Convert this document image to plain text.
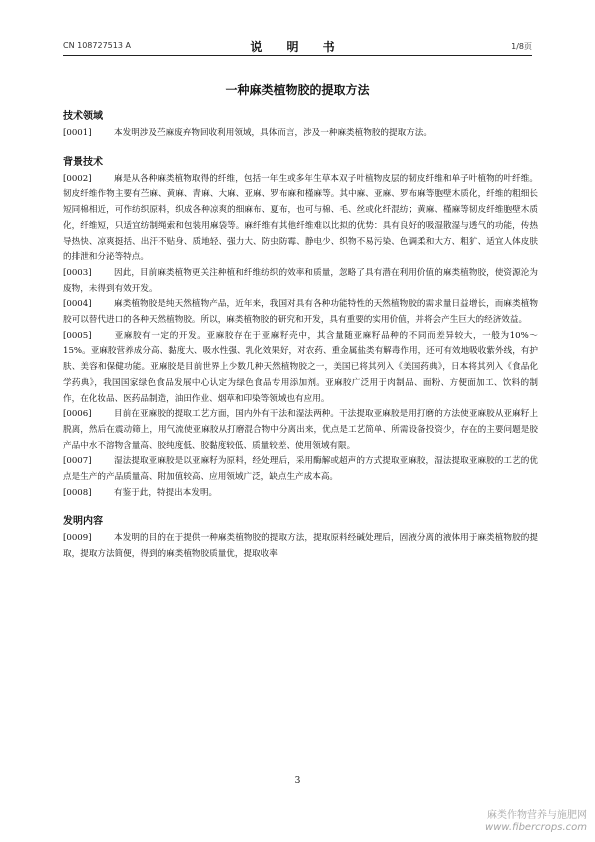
CN 108727513 A	说 明 书	1/8页
一种麻类植物胶的提取方法
技术领域

[0001]	本发明涉及苎麻废弃物回收利用领域，具体而言，涉及一种麻类植物胶的提取方法。

背景技术

[0002]	麻是从各种麻类植物取得的纤维，包括一年生或多年生草本双子叶植物皮层的韧皮纤维和单子叶植物的叶纤维。韧皮纤维作物主要有苎麻、黄麻、青麻、大麻、亚麻、罗布麻和槿麻等。其中麻、亚麻、罗布麻等胞壁木质化，纤维的粗细长短同棉相近，可作纺织原料，织成各种凉爽的细麻布、夏布，也可与棉、毛、丝或化纤混纺；黄麻、槿麻等韧皮纤维胞壁木质化，纤维短，只适宜纺制绳索和包装用麻袋等。麻纤维有其他纤维难以比拟的优势：具有良好的吸湿散湿与透气的功能，传热导热快、凉爽挺括、出汗不贴身、质地轻、强力大、防虫防霉、静电少、织物不易污染、色调柔和大方、粗犷、适宜人体皮肤的排泄和分泌等特点。

[0003]	因此，目前麻类植物更关注种植和纤维纺织的效率和质量，忽略了具有潜在利用价值的麻类植物胶，使资源沦为废物，未得到有效开发。

[0004]	麻类植物胶是纯天然植物产品，近年来，我国对具有各种功能特性的天然植物胶的需求量日益增长，而麻类植物胶可以替代进口的各种天然植物胶。所以，麻类植物胶的研究和开发，具有重要的实用价值，并将会产生巨大的经济效益。

[0005]	亚麻胶有一定的开发。亚麻胶存在于亚麻籽壳中，其含量随亚麻籽品种的不同而差异较大，一般为10%～15%。亚麻胶营养成分高、黏度大、吸水性强、乳化效果好，对农药、重金属盐类有解毒作用，还可有效地吸收紫外线，有护肤、美容和保健功能。亚麻胶是目前世界上少数几种天然植物胶之一，美国已将其列入《美国药典》，日本将其列入《食品化学药典》，我国国家绿色食品发展中心认定为绿色食品专用添加剂。亚麻胶广泛用于肉制品、面粉、方便面加工、饮料的制作，在化妆品、医药品制造，油田作业、烟草和印染等领域也有应用。

[0006]	目前在亚麻胶的提取工艺方面，国内外有干法和湿法两种。干法提取亚麻胶是用打磨的方法使亚麻胶从亚麻籽上脱离，然后在震动筛上，用气流使亚麻胶从打磨混合物中分离出来，优点是工艺简单、所需设备投资少，存在的主要问题是胶产品中水不溶物含量高、胶纯度低、胶黏度较低、质量较差、使用领域有限。

[0007]	湿法提取亚麻胶是以亚麻籽为原料，经处理后，采用酶解或超声的方式提取亚麻胶，湿法提取亚麻胶的工艺的优点是生产的产品质量高、附加值较高、应用领域广泛，缺点生产成本高。

[0008]	有鉴于此，特提出本发明。

发明内容

[0009]	本发明的目的在于提供一种麻类植物胶的提取方法，提取原料经碱处理后，固液分离的液体用于麻类植物胶的提取，提取方法简便，得到的麻类植物胶质量优，提取收率

3
麻类作物营养与施肥网
www.fibercrops.com
